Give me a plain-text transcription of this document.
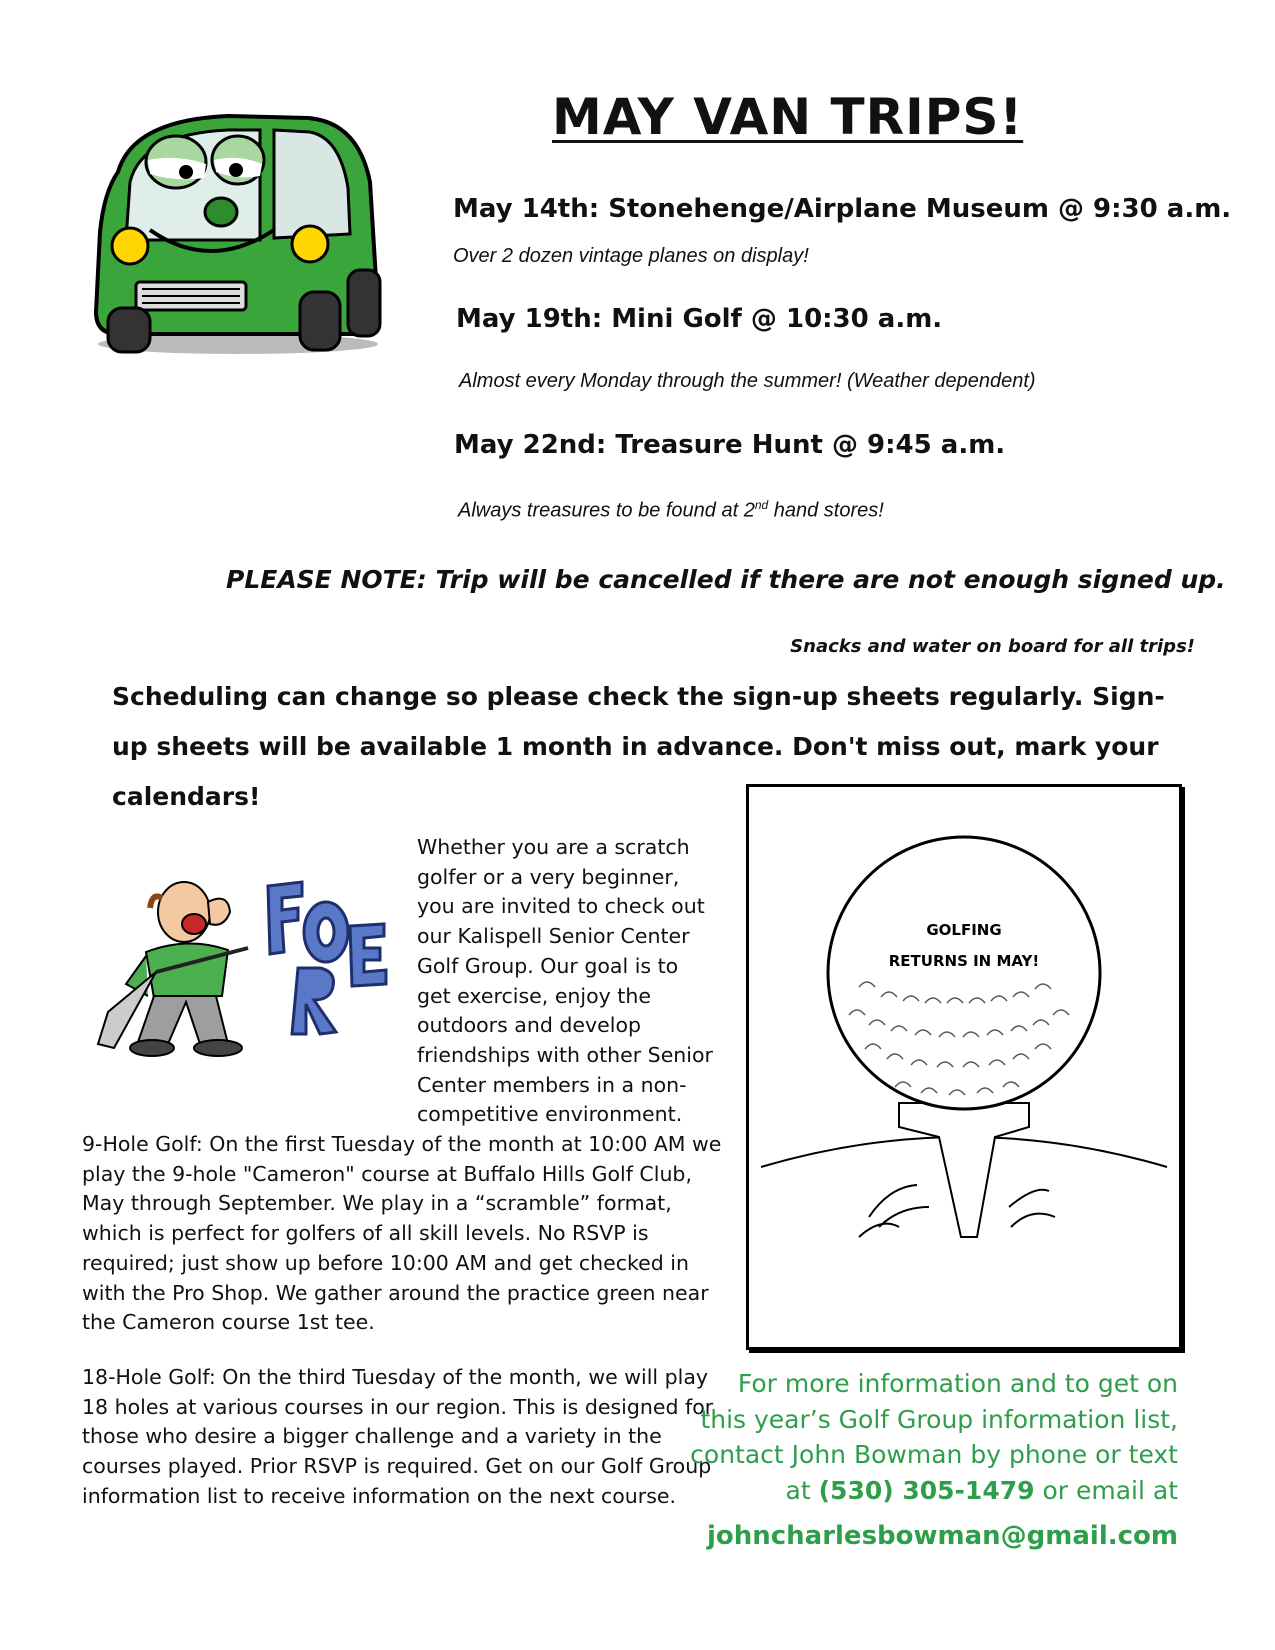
MAY VAN TRIPS!
May 14th: Stonehenge/Airplane Museum @ 9:30 a.m.
Over 2 dozen vintage planes on display!
May 19th: Mini Golf @ 10:30 a.m.
Almost every Monday through the summer! (Weather dependent)
May 22nd: Treasure Hunt @ 9:45 a.m.
Always treasures to be found at 2nd hand stores!
PLEASE NOTE: Trip will be cancelled if there are not enough signed up.
Snacks and water on board for all trips!
Scheduling can change so please check the sign-up sheets regularly. Sign-up sheets will be available 1 month in advance. Don't miss out, mark your calendars!
FORE
Whether you are a scratch golfer or a very beginner, you are invited to check out our Kalispell Senior Center Golf Group. Our goal is to get exercise, enjoy the outdoors and develop friendships with other Senior Center members in a non-competitive environment.
9-Hole Golf: On the first Tuesday of the month at 10:00 AM we play the 9-hole "Cameron" course at Buffalo Hills Golf Club, May through September. We play in a “scramble” format, which is perfect for golfers of all skill levels. No RSVP is required; just show up before 10:00 AM and get checked in with the Pro Shop. We gather around the practice green near the Cameron course 1st tee.
18-Hole Golf: On the third Tuesday of the month, we will play 18 holes at various courses in our region. This is designed for those who desire a bigger challenge and a variety in the courses played. Prior RSVP is required. Get on our Golf Group information list to receive information on the next course.
GOLFING
RETURNS IN MAY!
For more information and to get on this year’s Golf Group information list, contact John Bowman by phone or text at (530) 305-1479 or email at
johncharlesbowman@gmail.com
